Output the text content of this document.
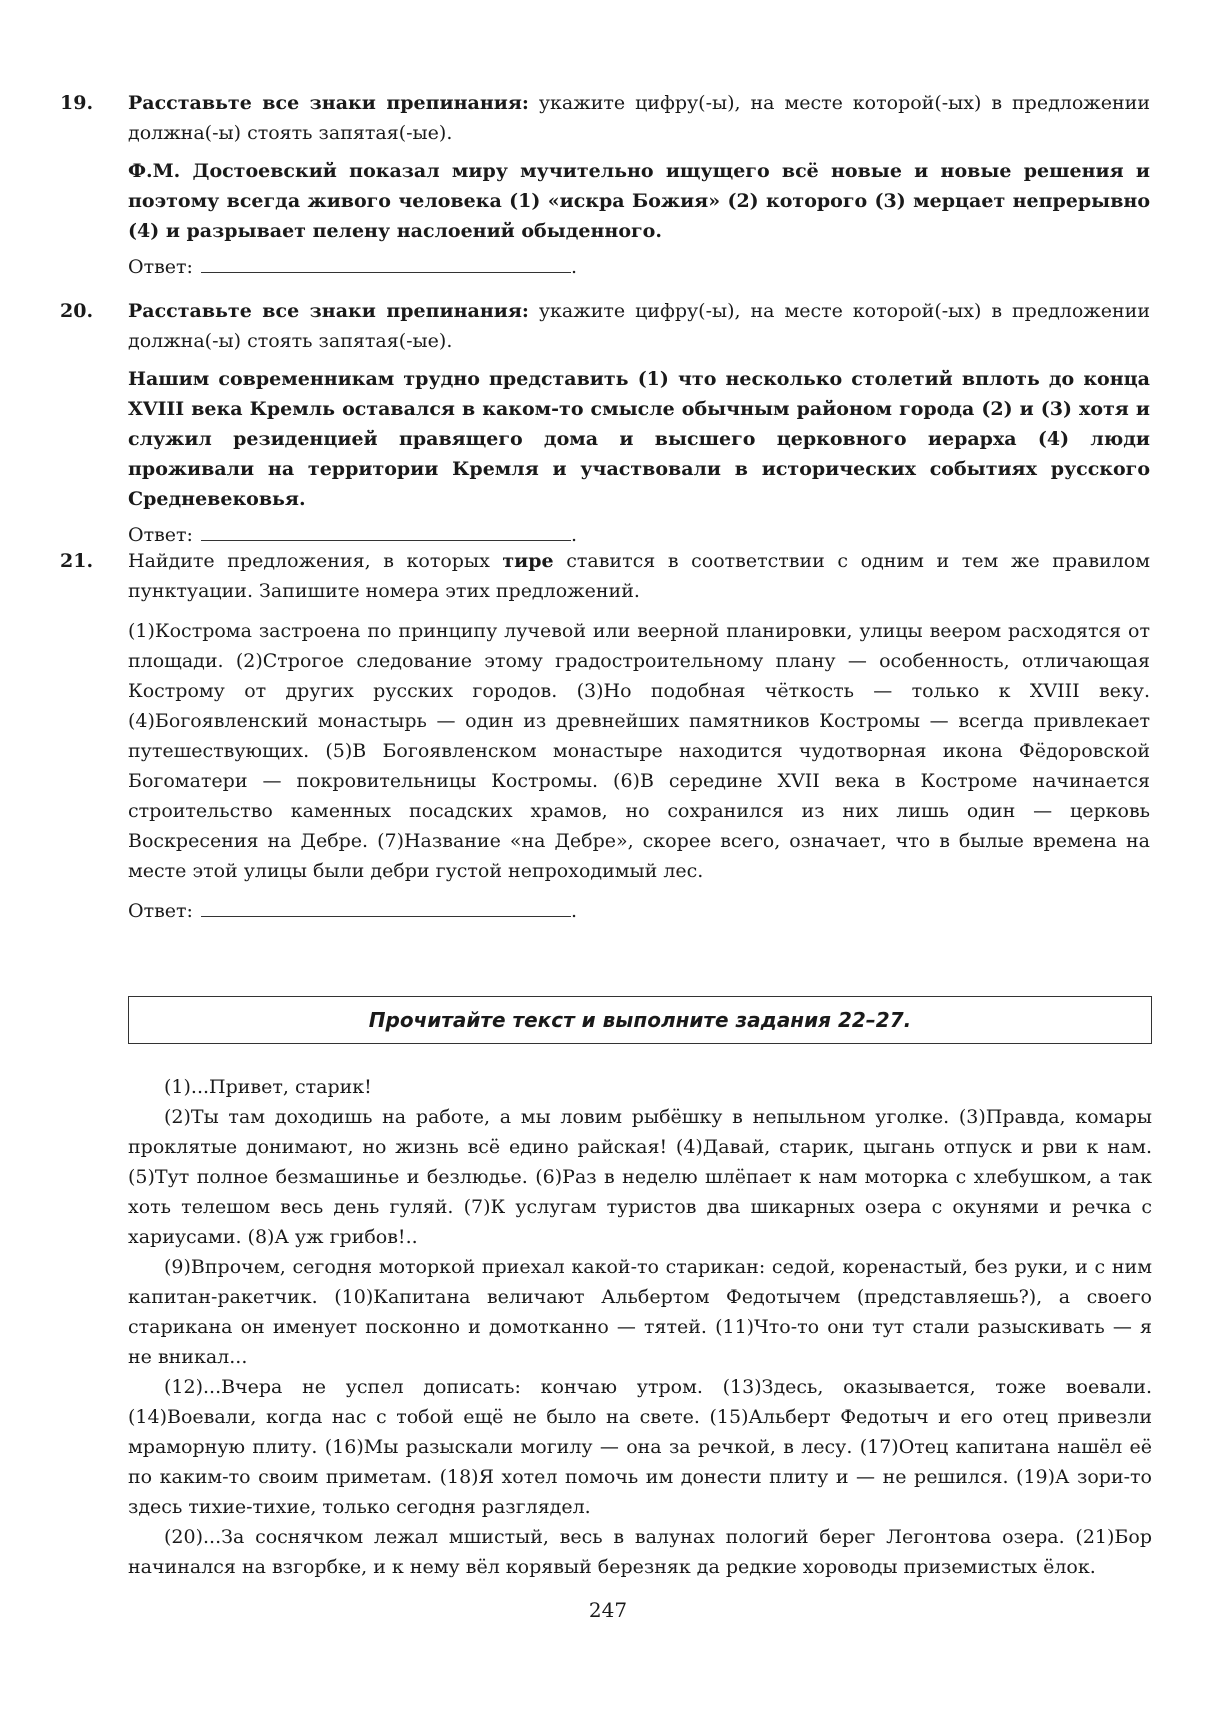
19. Расставьте все знаки препинания: укажите цифру(-ы), на месте которой(-ых) в предложении должна(-ы) стоять запятая(-ые).
Ф.М. Достоевский показал миру мучительно ищущего всё новые и новые решения и поэтому всегда живого человека (1) «искра Божия» (2) которого (3) мерцает непрерывно (4) и разрывает пелену наслоений обыденного.
Ответ:	.
20. Расставьте все знаки препинания: укажите цифру(-ы), на месте которой(-ых) в предложении должна(-ы) стоять запятая(-ые).
Нашим современникам трудно представить (1) что несколько столетий вплоть до конца XVIII века Кремль оставался в каком-то смысле обычным районом города (2) и (3) хотя и служил резиденцией правящего дома и высшего церковного иерарха (4) люди проживали на территории Кремля и участвовали в исторических событиях русского Средневековья.
Ответ:	.
21. Найдите предложения, в которых тире ставится в соответствии с одним и тем же правилом пунктуации. Запишите номера этих предложений.
(1)Кострома застроена по принципу лучевой или веерной планировки, улицы веером расходятся от площади. (2)Строгое следование этому градостроительному плану — особенность, отличающая Кострому от других русских городов. (3)Но подобная чёткость — только к XVIII веку. (4)Богоявленский монастырь — один из древнейших памятников Костромы — всегда привлекает путешествующих. (5)В Богоявленском монастыре находится чудотворная икона Фёдоровской Богоматери — покровительницы Костромы. (6)В середине XVII века в Костроме начинается строительство каменных посадских храмов, но сохранился из них лишь один — церковь Воскресения на Дебре. (7)Название «на Дебре», скорее всего, означает, что в былые времена на месте этой улицы были дебри густой непроходимый лес.
Ответ:	.
Прочитайте текст и выполните задания 22–27.

(1)...Привет, старик!

(2)Ты там доходишь на работе, а мы ловим рыбёшку в непыльном уголке. (3)Правда, комары проклятые донимают, но жизнь всё едино райская! (4)Давай, старик, цыгань отпуск и рви к нам. (5)Тут полное безмашинье и безлюдье. (6)Раз в неделю шлёпает к нам моторка с хлебушком, а так хоть телешом весь день гуляй. (7)К услугам туристов два шикарных озера с окунями и речка с хариусами. (8)А уж грибов!..

(9)Впрочем, сегодня моторкой приехал какой-то старикан: седой, коренастый, без руки, и с ним капитан-ракетчик. (10)Капитана величают Альбертом Федотычем (представляешь?), а своего старикана он именует посконно и домотканно — тятей. (11)Что-то они тут стали разыскивать — я не вникал...

(12)...Вчера не успел дописать: кончаю утром. (13)Здесь, оказывается, тоже воевали. (14)Воевали, когда нас с тобой ещё не было на свете. (15)Альберт Федотыч и его отец привезли мраморную плиту. (16)Мы разыскали могилу — она за речкой, в лесу. (17)Отец капитана нашёл её по каким-то своим приметам. (18)Я хотел помочь им донести плиту и — не решился. (19)А зори-то здесь тихие-тихие, только сегодня разглядел.

(20)...За соснячком лежал мшистый, весь в валунах пологий берег Легонтова озера. (21)Бор начинался на взгорбке, и к нему вёл корявый березняк да редкие хороводы приземистых ёлок.

247
